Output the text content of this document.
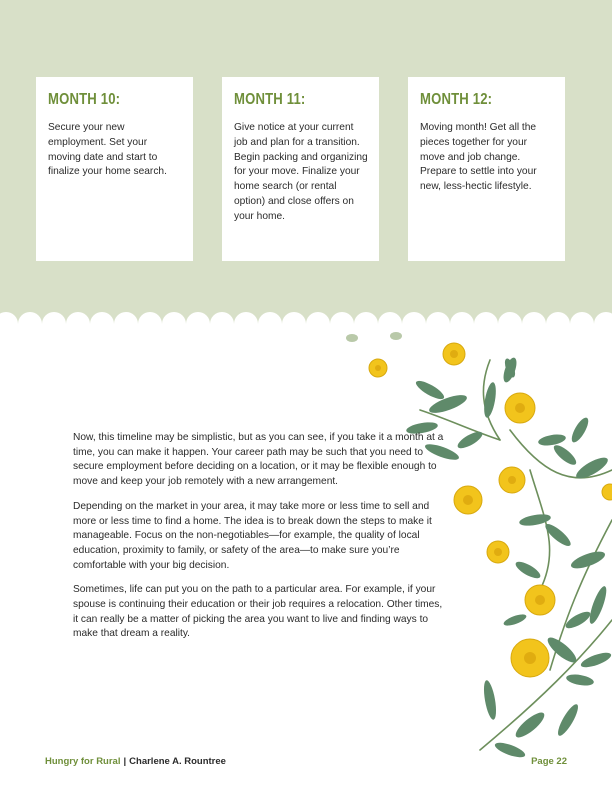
MONTH 10:

Secure your new employment. Set your moving date and start to finalize your home search.

MONTH 11:

Give notice at your current job and plan for a transition. Begin packing and organizing for your move. Finalize your home search (or rental option) and close offers on your home.

MONTH 12:

Moving month! Get all the pieces together for your move and job change. Prepare to settle into your new, less-hectic lifestyle.

Now, this timeline may be simplistic, but as you can see, if you take it a month at a time, you can make it happen. Your career path may be such that you need to secure employment before deciding on a location, or it may be flexible enough to move and keep your job remotely with a new arrangement.

Depending on the market in your area, it may take more or less time to sell and more or less time to find a home. The idea is to break down the steps to make it manageable. Focus on the non-negotiables—for example, the quality of local education, proximity to family, or safety of the area—to make sure you’re comfortable with your big decision.

Sometimes, life can put you on the path to a particular area. For example, if your spouse is continuing their education or their job requires a relocation. Other times, it can really be a matter of picking the area you want to live and finding ways to make that dream a reality.

Hungry for Rural | Charlene A. Rountree	Page 22
